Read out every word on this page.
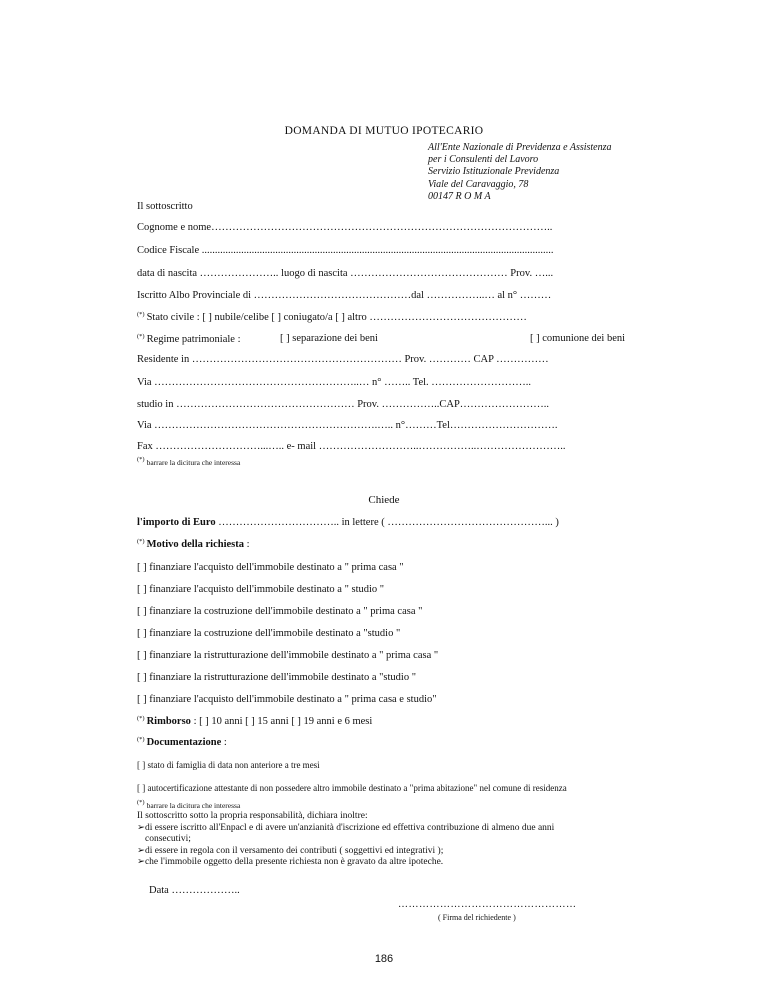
DOMANDA DI MUTUO IPOTECARIO
All'Ente Nazionale di Previdenza e Assistenza
per i Consulenti del Lavoro
Servizio Istituzionale Previdenza
Viale del Caravaggio, 78
00147 R O M A
Il sottoscritto
Cognome e nome……………………………………………………………………………………..
Codice Fiscale ......................................................................................................................................
data di nascita ………………….. luogo di nascita ……………………………………… Prov. …...
Iscritto Albo Provinciale di ………………………………………dal ……………..… al n° ………
(*) Stato civile : [ ] nubile/celibe [ ] coniugato/a [ ] altro ………………………………………
(*) Regime patrimoniale :	[ ] separazione dei beni	[ ] comunione dei beni
Residente in …………………………………………………… Prov. ………… CAP ……………
Via …………………………………………………..… n° …….. Tel. ………………………..
studio in …………………………………………… Prov. ……………..CAP……………………..
Via ……………………………………………………….….. n°………Tel………………………….
Fax …………………………...….. e- mail ………………………..……………..……………………..
(*) barrare la dicitura che interessa
Chiede
l'importo di Euro …………………………….. in lettere ( ………………………………………... )
(*) Motivo della richiesta :
[ ] finanziare l'acquisto dell'immobile destinato a " prima casa "
[ ] finanziare l'acquisto dell'immobile destinato a " studio "
[ ] finanziare la costruzione dell'immobile destinato a " prima casa "
[ ] finanziare la costruzione dell'immobile destinato a "studio "
[ ] finanziare la ristrutturazione dell'immobile destinato a " prima casa "
[ ] finanziare la ristrutturazione dell'immobile destinato a "studio "
[ ] finanziare l'acquisto dell'immobile destinato a " prima casa e studio"
(*) Rimborso : [ ] 10 anni [ ] 15 anni [ ] 19 anni e 6 mesi
(*) Documentazione :
[ ] stato di famiglia di data non anteriore a tre mesi
[ ] autocertificazione attestante di non possedere altro immobile destinato a "prima abitazione" nel comune di residenza
(*) barrare la dicitura che interessa
Il sottoscritto sotto la propria responsabilità, dichiara inoltre:
➢di essere iscritto all'Enpacl e di avere un'anzianità d'iscrizione ed effettiva contribuzione di almeno due anni
consecutivi;
➢di essere in regola con il versamento dei contributi ( soggettivi ed integrativi );
➢che l'immobile oggetto della presente richiesta non è gravato da altre ipoteche.
Data ………………..
……………………………………………
( Firma del richiedente )
186
